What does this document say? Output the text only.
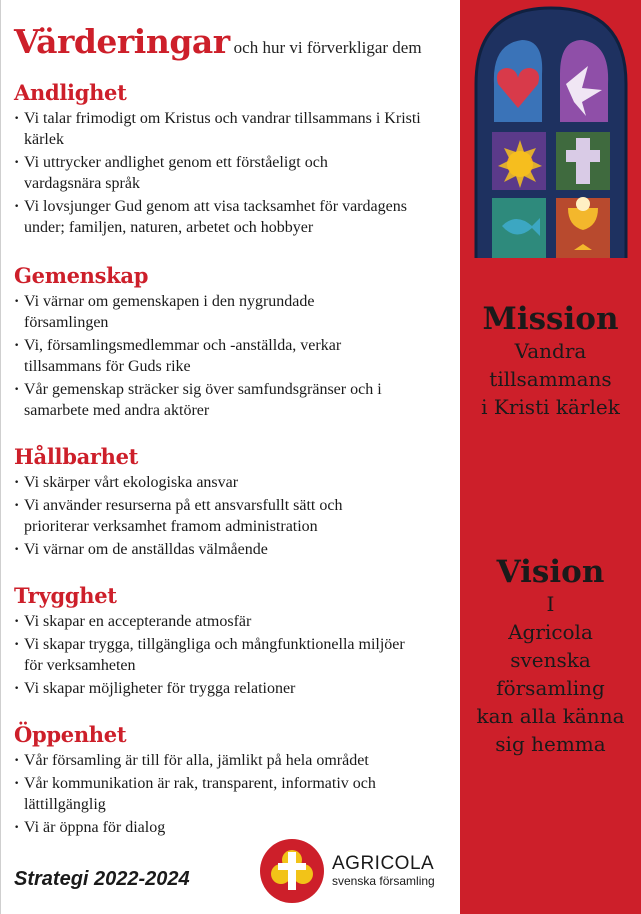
Värderingar och hur vi förverkligar dem
Andlighet
· Vi talar frimodigt om Kristus och vandrar tillsammans i Kristi kärlek
· Vi uttrycker andlighet genom ett förståeligt och vardagsnära språk
· Vi lovsjunger Gud genom att visa tacksamhet för vardagens under; familjen, naturen, arbetet och hobbyer
Gemenskap
· Vi värnar om gemenskapen i den nygrundade församlingen
· Vi, församlingsmedlemmar och -anställda, verkar tillsammans för Guds rike
· Vår gemenskap sträcker sig över samfundsgränser och i samarbete med andra aktörer
Hållbarhet
· Vi skärper vårt ekologiska ansvar
· Vi använder resurserna på ett ansvarsfullt sätt och prioriterar verksamhet framom administration
· Vi värnar om de anställdas välmående
Trygghet
· Vi skapar en accepterande atmosfär
· Vi skapar trygga, tillgängliga och mångfunktionella miljöer för verksamheten
· Vi skapar möjligheter för trygga relationer
Öppenhet
· Vår församling är till för alla, jämlikt på hela området
· Vår kommunikation är rak, transparent, informativ och lättillgänglig
· Vi är öppna för dialog
Strategi 2022-2024
AGRICOLA
svenska församling
Mission
Vandra
tillsammans
i Kristi kärlek
Vision
I
Agricola
svenska
församling
kan alla känna
sig hemma
